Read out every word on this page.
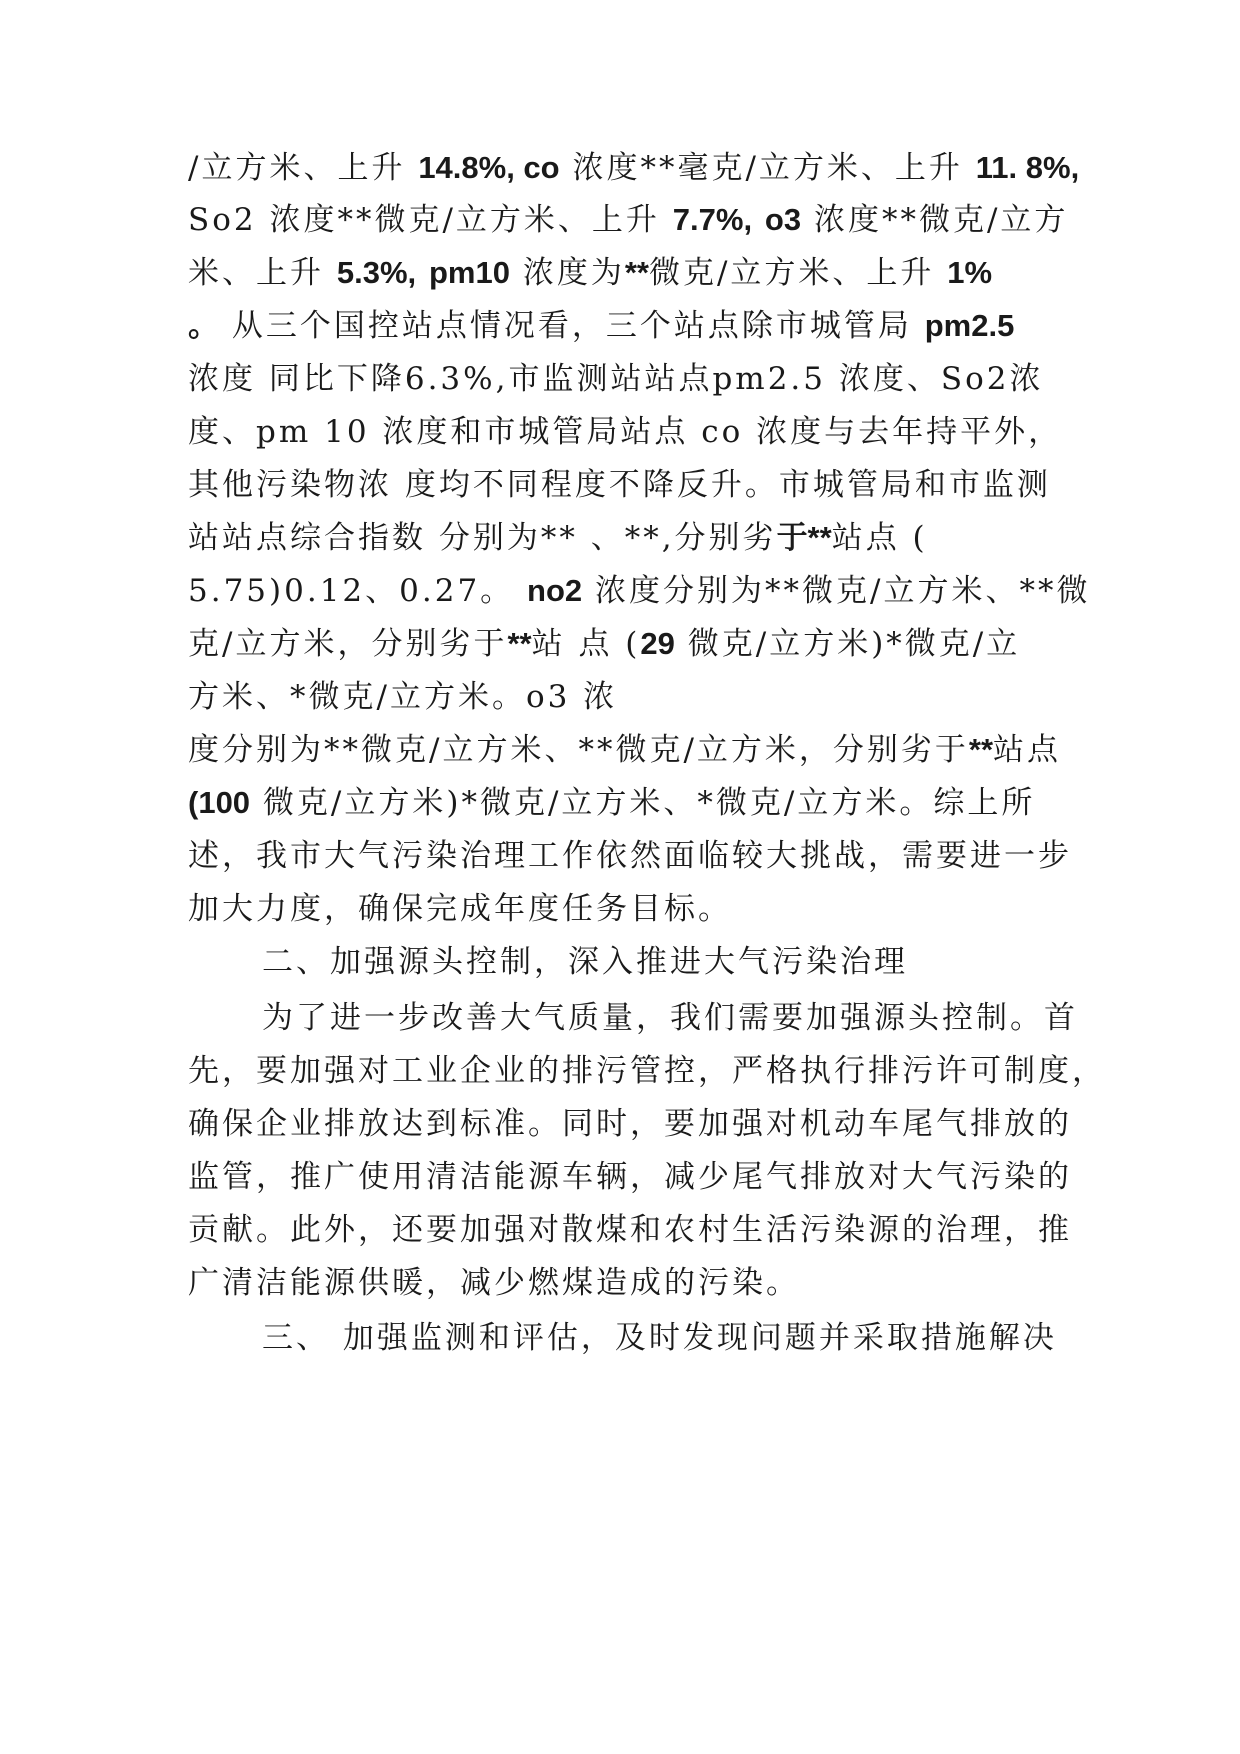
/立方米、上升 14.8%, co 浓度**毫克/立方米、上升 11. 8%,
So2 浓度**微克/立方米、上升 7.7%, o3 浓度**微克/立方
米、上升 5.3%, pm10 浓度为**微克/立方米、上升 1%
。 从三个国控站点情况看，三个站点除市城管局 pm2.5
浓度 同比下降6.3%,市监测站站点pm2.5 浓度、So2浓
度、pm 10 浓度和市城管局站点 co 浓度与去年持平外，
其他污染物浓 度均不同程度不降反升。市城管局和市监测
站站点综合指数 分别为** 、**,分别劣于**站点 (
5.75)0.12、0.27。 no2 浓度分别为**微克/立方米、**微
克/立方米，分别劣于**站 点 (29 微克/立方米)*微克/立
方米、*微克/立方米。o3 浓
度分别为**微克/立方米、**微克/立方米，分别劣于**站点
(100 微克/立方米)*微克/立方米、*微克/立方米。综上所
述，我市大气污染治理工作依然面临较大挑战，需要进一步
加大力度，确保完成年度任务目标。
二、加强源头控制，深入推进大气污染治理
为了进一步改善大气质量，我们需要加强源头控制。首
先，要加强对工业企业的排污管控，严格执行排污许可制度，
确保企业排放达到标准。同时，要加强对机动车尾气排放的
监管，推广使用清洁能源车辆，减少尾气排放对大气污染的
贡献。此外，还要加强对散煤和农村生活污染源的治理，推
广清洁能源供暖，减少燃煤造成的污染。
三、 加强监测和评估，及时发现问题并采取措施解决
